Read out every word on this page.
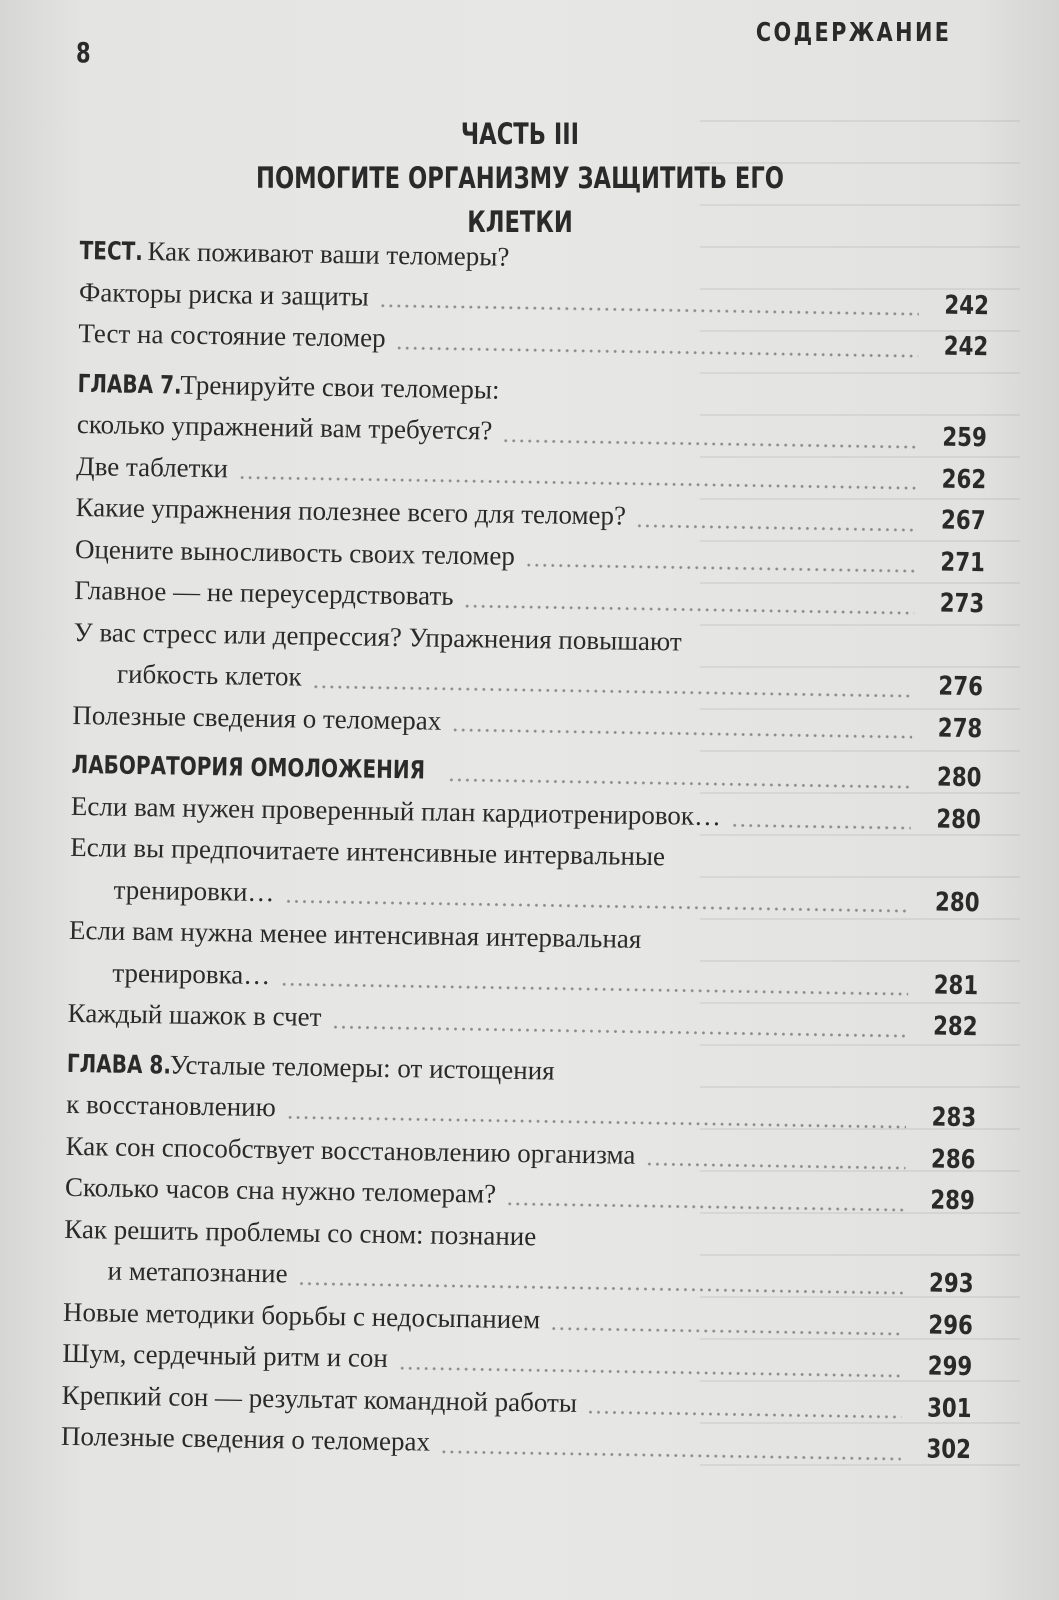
8
СОДЕРЖАНИЕ
ЧАСТЬ III
ПОМОГИТЕ ОРГАНИЗМУ ЗАЩИТИТЬ ЕГО КЛЕТКИ
ТЕСТ. Как поживают ваши теломеры?
Факторы риска и защиты	242
Тест на состояние теломер	242
ГЛАВА 7. Тренируйте свои теломеры:
сколько упражнений вам требуется?	259
Две таблетки	262
Какие упражнения полезнее всего для теломер?	267
Оцените выносливость своих теломер	271
Главное — не переусердствовать	273
У вас стресс или депрессия? Упражнения повышают
гибкость клеток	276
Полезные сведения о теломерах	278
ЛАБОРАТОРИЯ ОМОЛОЖЕНИЯ	280
Если вам нужен проверенный план кардиотренировок…	280
Если вы предпочитаете интенсивные интервальные
тренировки…	280
Если вам нужна менее интенсивная интервальная
тренировка…	281
Каждый шажок в счет	282
ГЛАВА 8. Усталые теломеры: от истощения
к восстановлению	283
Как сон способствует восстановлению организма	286
Сколько часов сна нужно теломерам?	289
Как решить проблемы со сном: познание
и метапознание	293
Новые методики борьбы с недосыпанием	296
Шум, сердечный ритм и сон	299
Крепкий сон — результат командной работы	301
Полезные сведения о теломерах	302
